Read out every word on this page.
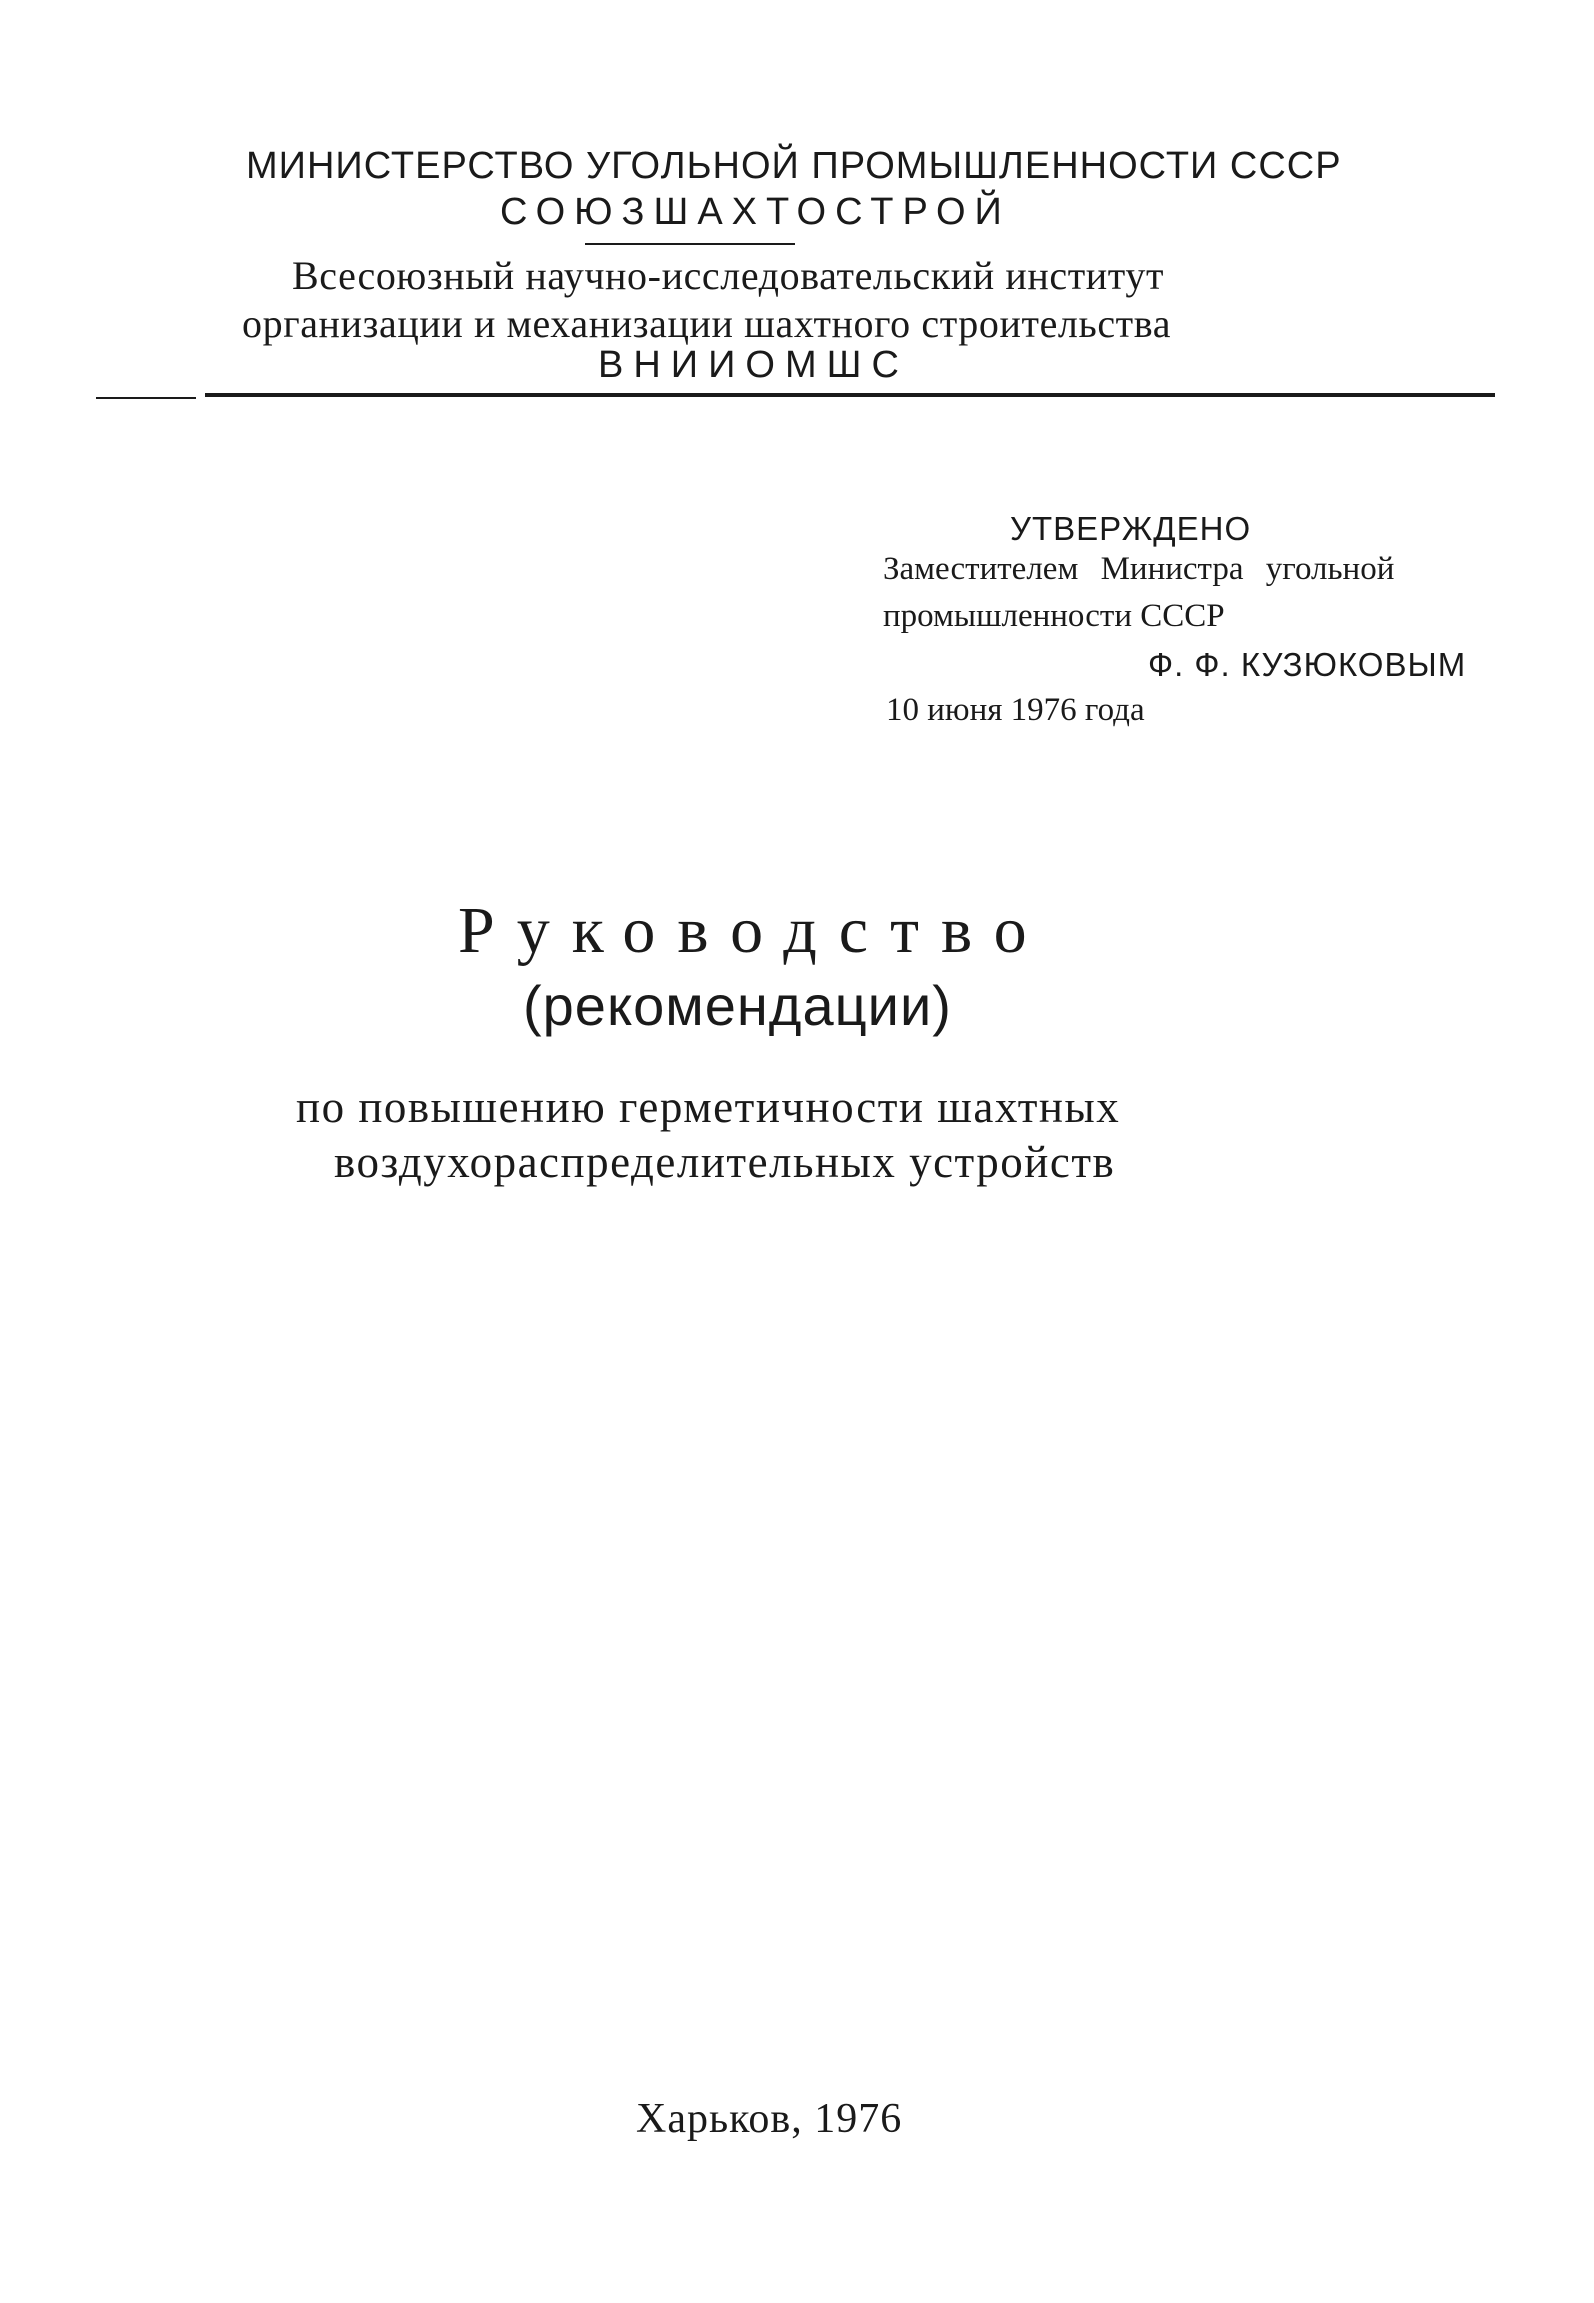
МИНИСТЕРСТВО УГОЛЬНОЙ ПРОМЫШЛЕННОСТИ СССР
СОЮЗШАХТОСТРОЙ
Всесоюзный научно-исследовательский институт
организации и механизации шахтного строительства
ВНИИОМШС
УТВЕРЖДЕНО
Заместителем Министра угольной
промышленности СССР
Ф. Ф. КУЗЮКОВЫМ
10 июня 1976 года
Руководство
(рекомендации)
по повышению герметичности шахтных
воздухораспределительных устройств
Харьков, 1976
